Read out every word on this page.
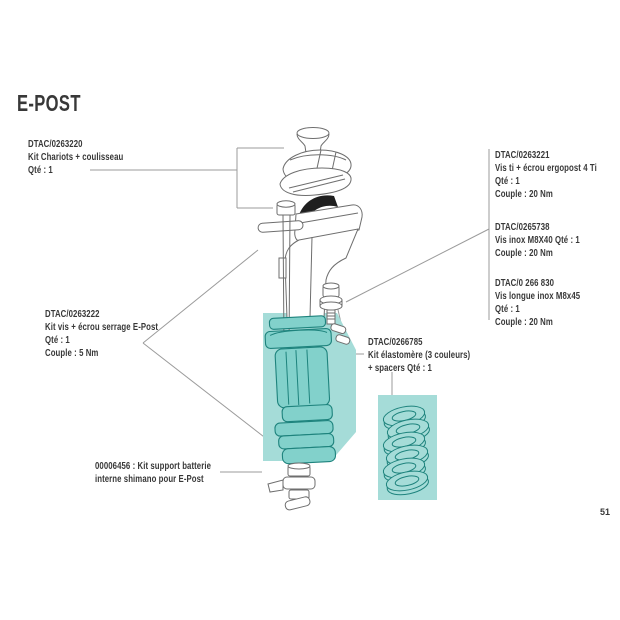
E-POST
DTAC/0263220
Kit Chariots + coulisseau
Qté : 1
DTAC/0263221
Vis ti + écrou ergopost 4 Ti
Qté : 1
Couple : 20 Nm
DTAC/0265738
Vis inox M8X40 Qté : 1
Couple : 20 Nm
DTAC/0 266 830
Vis longue inox M8x45
Qté : 1
Couple : 20 Nm
DTAC/0263222
Kit vis + écrou serrage E-Post
Qté : 1
Couple : 5 Nm
DTAC/0266785
Kit élastomère (3 couleurs)
+ spacers Qté : 1
00006456 : Kit support batterie
interne shimano pour E-Post
51
